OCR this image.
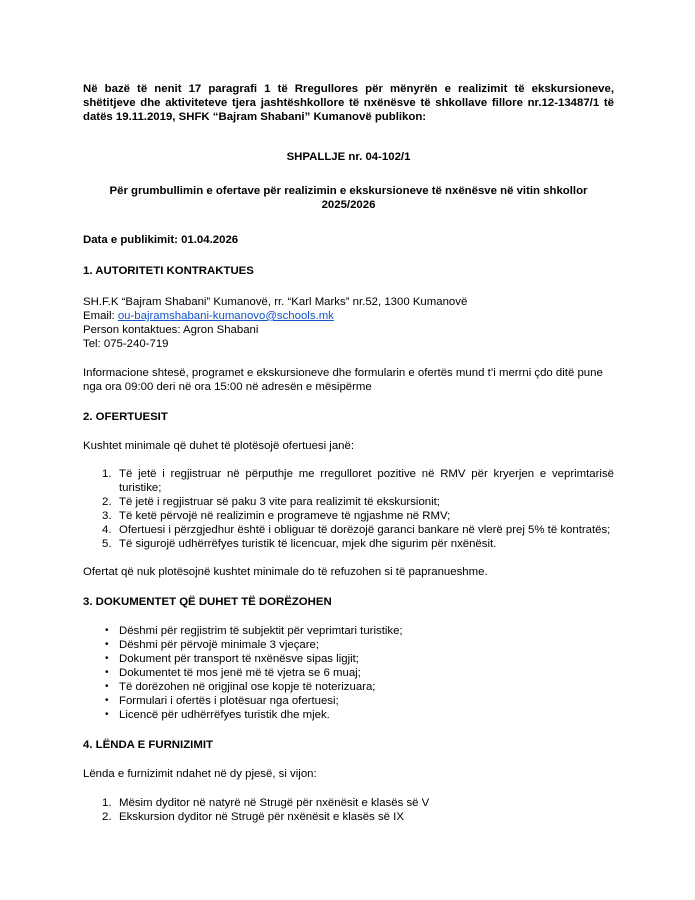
Në bazë të nenit 17 paragrafi 1 të Rregullores për mënyrën e realizimit të ekskursioneve, shëtitjeve dhe aktiviteteve tjera jashtëshkollore të nxënësve të shkollave fillore nr.12-13487/1 të datës 19.11.2019, SHFK “Bajram Shabani” Kumanovë publikon:

SHPALLJE nr. 04-102/1

Për grumbullimin e ofertave për realizimin e ekskursioneve të nxënësve në vitin shkollor 2025/2026

Data e publikimit: 01.04.2026

1. AUTORITETI KONTRAKTUES

SH.F.K “Bajram Shabani” Kumanovë, rr. “Karl Marks” nr.52, 1300 Kumanovë

Email: ou-bajramshabani-kumanovo@schools.mk

Person kontaktues: Agron Shabani

Tel: 075-240-719

Informacione shtesë, programet e ekskursioneve dhe formularin e ofertës mund t’i merrni çdo ditë pune nga ora 09:00 deri në ora 15:00 në adresën e mësipërme

2. OFERTUESIT

Kushtet minimale që duhet të plotësojë ofertuesi janë:

1. Të jetë i regjistruar në përputhje me rregulloret pozitive në RMV për kryerjen e veprimtarisë turistike;
2. Të jetë i regjistruar së paku 3 vite para realizimit të ekskursionit;
3. Të ketë përvojë në realizimin e programeve të ngjashme në RMV;
4. Ofertuesi i përzgjedhur është i obliguar të dorëzojë garanci bankare në vlerë prej 5% të kontratës;
5. Të sigurojë udhërrëfyes turistik të licencuar, mjek dhe sigurim për nxënësit.

Ofertat që nuk plotësojnë kushtet minimale do të refuzohen si të papranueshme.

3. DOKUMENTET QË DUHET TË DORËZOHEN

• Dëshmi për regjistrim të subjektit për veprimtari turistike;
• Dëshmi për përvojë minimale 3 vjeçare;
• Dokument për transport të nxënësve sipas ligjit;
• Dokumentet të mos jenë më të vjetra se 6 muaj;
• Të dorëzohen në origjinal ose kopje të noterizuara;
• Formulari i ofertës i plotësuar nga ofertuesi;
• Licencë për udhërrëfyes turistik dhe mjek.

4. LËNDA E FURNIZIMIT

Lënda e furnizimit ndahet në dy pjesë, si vijon:

1. Mësim dyditor në natyrë në Strugë për nxënësit e klasës së V
2. Ekskursion dyditor në Strugë për nxënësit e klasës së IX
